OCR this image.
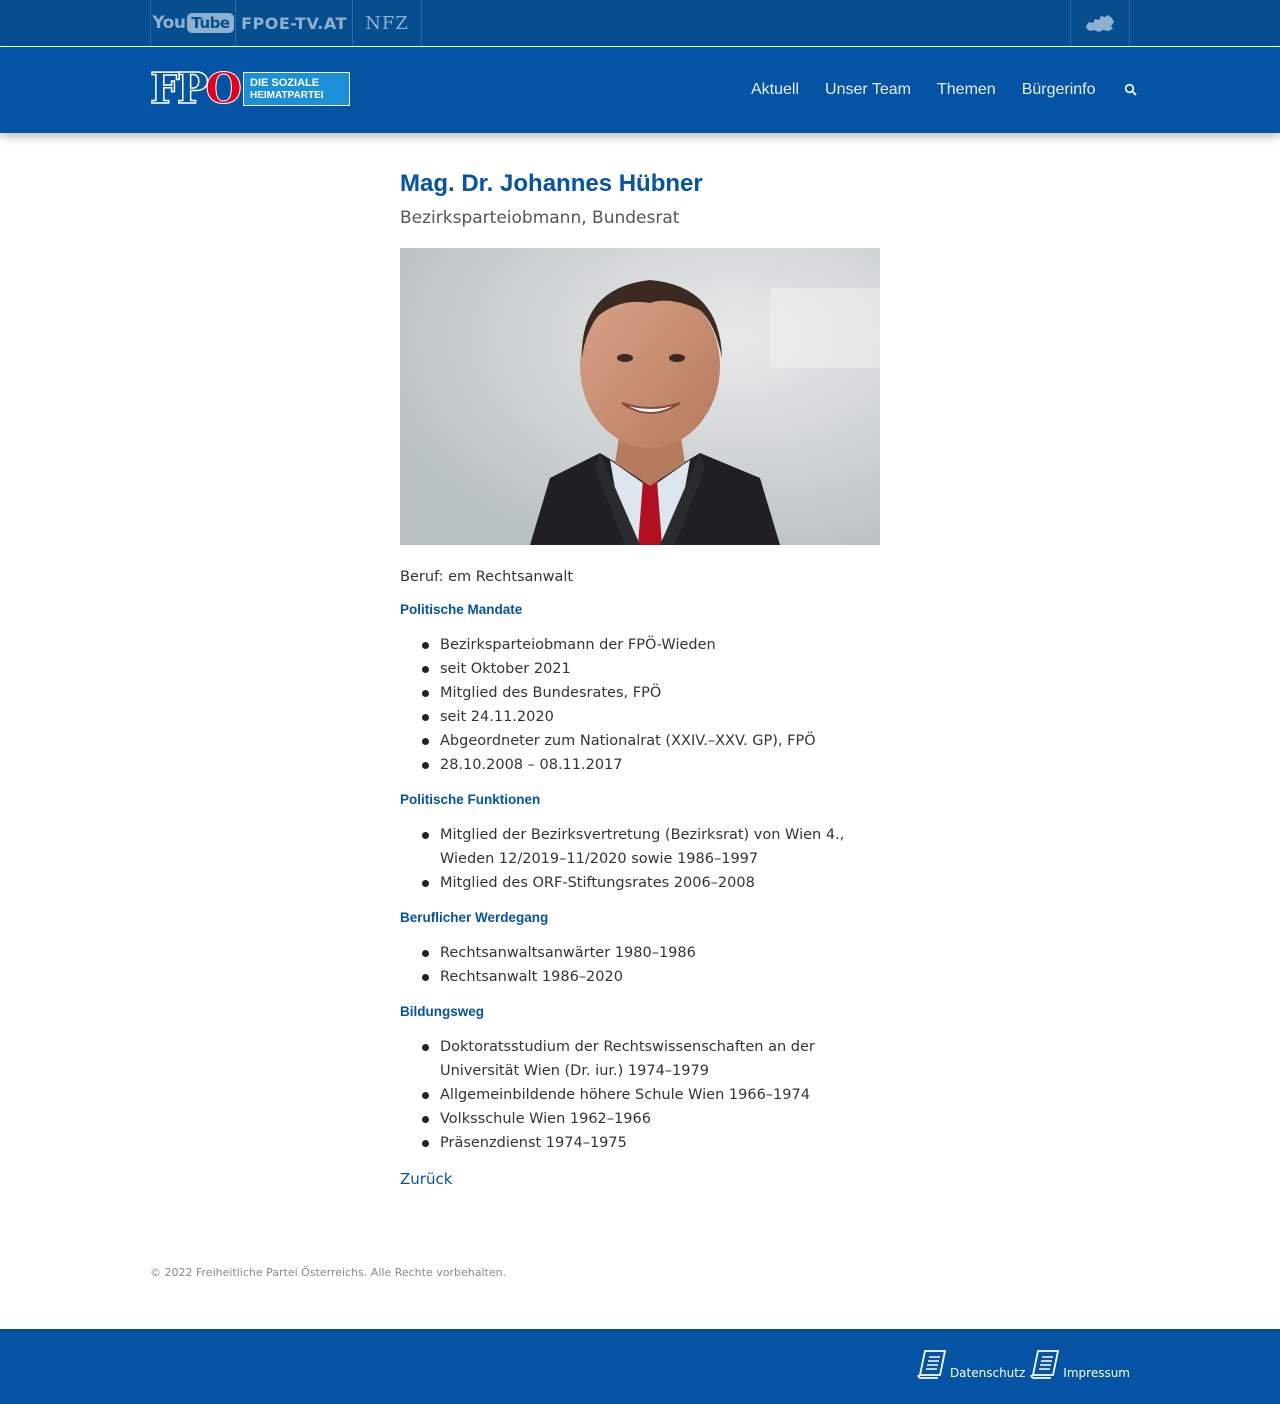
You Tube FPOE-TV.AT NFZ
F P O DIE SOZIALE
HEIMATPARTEI	Aktuell Unser Team Themen Bürgerinfo
Mag. Dr. Johannes Hübner
Bezirksparteiobmann, Bundesrat

Beruf: em Rechtsanwalt

Politische Mandate
Bezirksparteiobmann der FPÖ-Wieden
seit Oktober 2021
Mitglied des Bundesrates, FPÖ
seit 24.11.2020
Abgeordneter zum Nationalrat (XXIV.–XXV. GP), FPÖ
28.10.2008 – 08.11.2017
Politische Funktionen
Mitglied der Bezirksvertretung (Bezirksrat) von Wien 4., Wieden 12/2019–11/2020 sowie 1986–1997
Mitglied des ORF-Stiftungsrates 2006–2008
Beruflicher Werdegang
Rechtsanwaltsanwärter 1980–1986
Rechtsanwalt 1986–2020
Bildungsweg
Doktoratsstudium der Rechtswissenschaften an der Universität Wien (Dr. iur.) 1974–1979
Allgemeinbildende höhere Schule Wien 1966–1974
Volksschule Wien 1962–1966
Präsenzdienst 1974–1975
Zurück

© 2022 Freiheitliche Partei Österreichs. Alle Rechte vorbehalten.

Datenschutz	Impressum
